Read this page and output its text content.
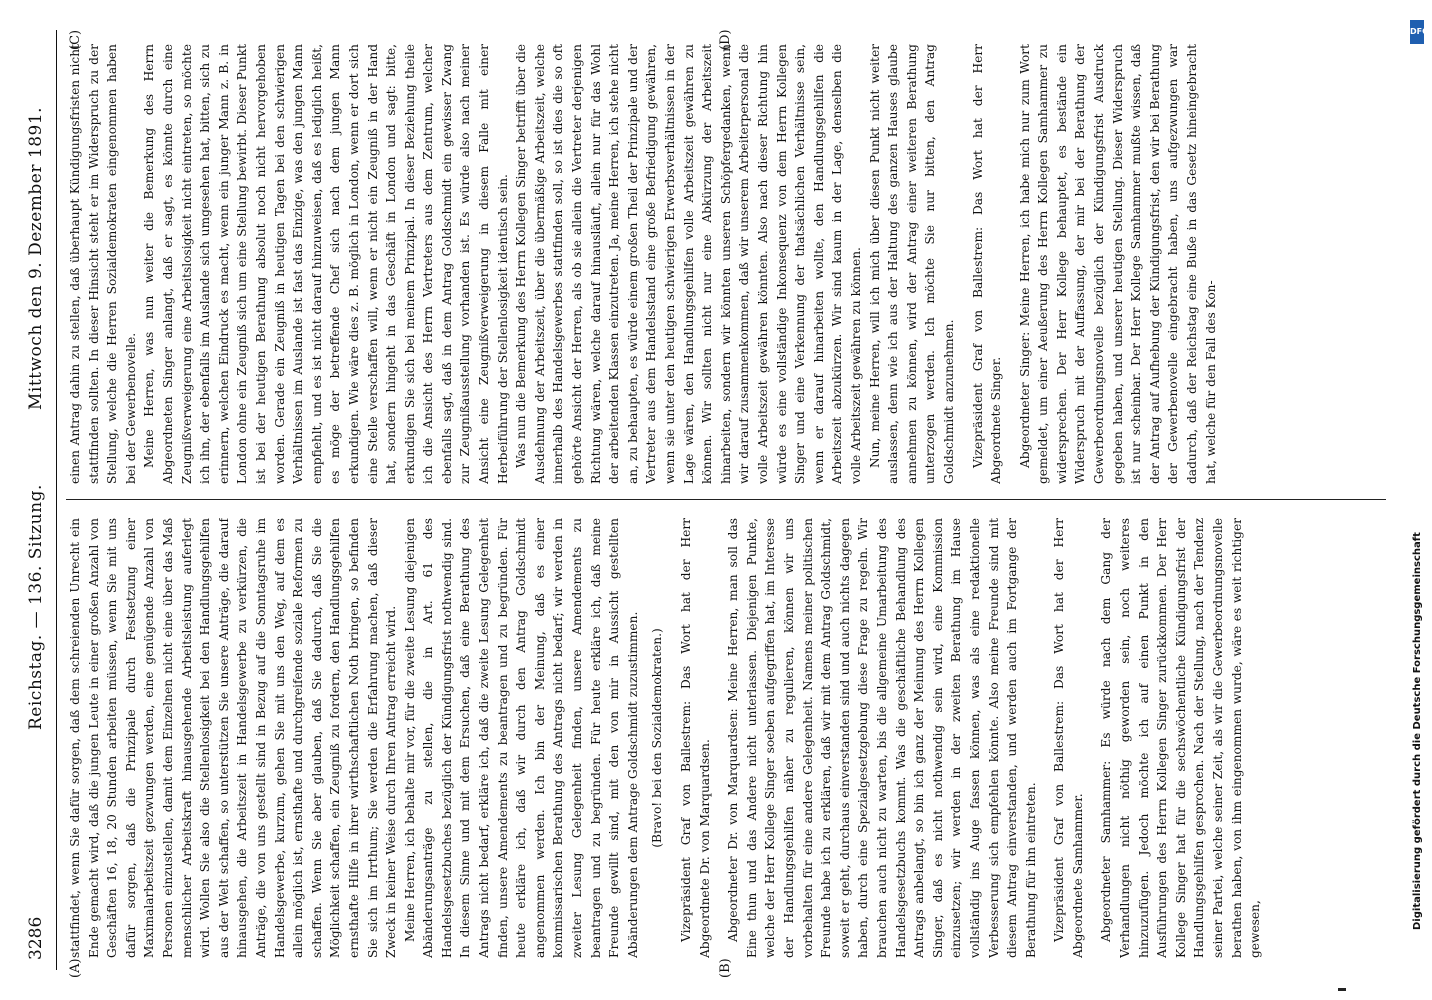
3286
Reichstag. — 136. Sitzung.
Mittwoch den 9. Dezember 1891.
(A)	(B)
(C)	(D)

stattfindet, wenn Sie dafür sorgen, daß dem schreienden Unrecht ein Ende gemacht wird, daß die jungen Leute in einer großen Anzahl von Geschäften 16, 18, 20 Stunden arbeiten müssen, wenn Sie mit uns dafür sorgen, daß die Prinzipale durch Festsetzung einer Maximalarbeitszeit gezwungen werden, eine genügende Anzahl von Personen einzustellen, damit dem Einzelnen nicht eine über das Maß menschlicher Arbeitskraft hinausgehende Arbeitsleistung auferlegt wird. Wollen Sie also die Stellenlosigkeit bei den Handlungsgehilfen aus der Welt schaffen, so unterstützen Sie unsere Anträge, die darauf hinausgehen, die Arbeitszeit in Handelsgewerbe zu verkürzen, die Anträge, die von uns gestellt sind in Bezug auf die Sonntagsruhe im Handelsgewerbe, kurzum, gehen Sie mit uns den Weg, auf dem es allein möglich ist, ernsthafte und durchgreifende soziale Reformen zu schaffen. Wenn Sie aber glauben, daß Sie dadurch, daß Sie die Möglichkeit schaffen, ein Zeugniß zu fordern, den Handlungsgehilfen ernsthafte Hilfe in ihrer wirthschaftlichen Noth bringen, so befinden Sie sich im Irrthum; Sie werden die Erfahrung machen, daß dieser Zweck in keiner Weise durch Ihren Antrag erreicht wird. Meine Herren, ich behalte mir vor, für die zweite Lesung diejenigen Abänderungsanträge zu stellen, die in Art. 61 des Handelsgesetzbuches bezüglich der Kündigungsfrist nothwendig sind. In diesem Sinne und mit dem Ersuchen, daß eine Berathung des Antrags nicht bedarf, erkläre ich, daß die zweite Lesung Gelegenheit finden, unsere Amendements zu beantragen und zu begründen. Für heute erkläre ich, daß wir durch den Antrag Goldschmidt angenommen werden. Ich bin der Meinung, daß es einer kommissarischen Berathung des Antrags nicht bedarf; wir werden in zweiter Lesung Gelegenheit finden, unsere Amendements zu beantragen und zu begründen. Für heute erkläre ich, daß meine Freunde gewillt sind, mit den von mir in Aussicht gestellten Abänderungen dem Antrage Goldschmidt zuzustimmen. (Bravo! bei den Sozialdemokraten.) Vizepräsident Graf von Ballestrem: Das Wort hat der Herr Abgeordnete Dr. von Marquardsen. Abgeordneter Dr. von Marquardsen: Meine Herren, man soll das Eine thun und das Andere nicht unterlassen. Diejenigen Punkte, welche der Herr Kollege Singer soeben aufgegriffen hat, im Interesse der Handlungsgehilfen näher zu regulieren, können wir uns vorbehalten für eine andere Gelegenheit. Namens meiner politischen Freunde habe ich zu erklären, daß wir mit dem Antrag Goldschmidt, soweit er geht, durchaus einverstanden sind und auch nichts dagegen haben, durch eine Spezialgesetzgebung diese Frage zu regeln. Wir brauchen auch nicht zu warten, bis die allgemeine Umarbeitung des Handelsgesetzbuchs kommt. Was die geschäftliche Behandlung des Antrags anbelangt, so bin ich ganz der Meinung des Herrn Kollegen Singer, daß es nicht nothwendig sein wird, eine Kommission einzusetzen; wir werden in der zweiten Berathung im Hause vollständig ins Auge fassen können, was als eine redaktionelle Verbesserung sich empfehlen könnte. Also meine Freunde sind mit diesem Antrag einverstanden, und werden auch im Fortgange der Berathung für ihn eintreten. Vizepräsident Graf von Ballestrem: Das Wort hat der Herr Abgeordnete Samhammer. Abgeordneter Samhammer: Es würde nach dem Gang der Verhandlungen nicht nöthig geworden sein, noch weiteres hinzuzufügen. Jedoch möchte ich auf einen Punkt in den Ausführungen des Herrn Kollegen Singer zurückkommen. Der Herr Kollege Singer hat für die sechswöchentliche Kündigungsfrist der Handlungsgehilfen gesprochen. Nach der Stellung, nach der Tendenz seiner Partei, welche seiner Zeit, als wir die Gewerbeordnungsnovelle berathen haben, von ihm eingenommen wurde, wäre es weit richtiger gewesen,

einen Antrag dahin zu stellen, daß überhaupt Kündigungsfristen nicht stattfinden sollten. In dieser Hinsicht steht er im Widerspruch zu der Stellung, welche die Herren Sozialdemokraten eingenommen haben bei der Gewerbenovelle. Meine Herren, was nun weiter die Bemerkung des Herrn Abgeordneten Singer anlangt, daß er sagt, es könnte durch eine Zeugnißverweigerung eine Arbeitslosigkeit nicht eintreten, so möchte ich ihn, der ebenfalls im Auslande sich umgesehen hat, bitten, sich zu erinnern, welchen Eindruck es macht, wenn ein junger Mann z. B. in London ohne ein Zeugniß sich um eine Stellung bewirbt. Dieser Punkt ist bei der heutigen Berathung absolut noch nicht hervorgehoben worden. Gerade ein Zeugniß in heutigen Tagen bei den schwierigen Verhältnissen im Auslande ist fast das Einzige, was den jungen Mann empfiehlt, und es ist nicht darauf hinzuweisen, daß es lediglich heißt, es möge der betreffende Chef sich nach dem jungen Mann erkundigen. Wie wäre dies z. B. möglich in London, wenn er dort sich eine Stelle verschaffen will, wenn er nicht ein Zeugniß in der Hand hat, sondern hingeht in das Geschäft in London und sagt: bitte, erkundigen Sie sich bei meinem Prinzipal. In dieser Beziehung theile ich die Ansicht des Herrn Vertreters aus dem Zentrum, welcher ebenfalls sagt, daß in dem Antrag Goldschmidt ein gewisser Zwang zur Zeugnißausstellung vorhanden ist. Es würde also nach meiner Ansicht eine Zeugnißverweigerung in diesem Falle mit einer Herbeiführung der Stellenlosigkeit identisch sein. Was nun die Bemerkung des Herrn Kollegen Singer betrifft über die Ausdehnung der Arbeitszeit, über die übermäßige Arbeitszeit, welche innerhalb des Handelsgewerbes stattfinden soll, so ist dies die so oft gehörte Ansicht der Herren, als ob sie allein die Vertreter derjenigen Richtung wären, welche darauf hinausläuft, allein nur für das Wohl der arbeitenden Klassen einzutreten. Ja, meine Herren, ich stehe nicht an, zu behaupten, es würde einem großen Theil der Prinzipale und der Vertreter aus dem Handelsstand eine große Befriedigung gewähren, wenn sie unter den heutigen schwierigen Erwerbsverhältnissen in der Lage wären, den Handlungsgehilfen volle Arbeitszeit gewähren zu können. Wir sollten nicht nur eine Abkürzung der Arbeitszeit hinarbeiten, sondern wir könnten unseren Schöpfergedanken, wenn wir darauf zusammenkommen, daß wir unserem Arbeiterpersonal die volle Arbeitszeit gewähren könnten. Also nach dieser Richtung hin würde es eine vollständige Inkonsequenz von dem Herrn Kollegen Singer und eine Verkennung der thatsächlichen Verhältnisse sein, wenn er darauf hinarbeiten wollte, den Handlungsgehilfen die Arbeitszeit abzukürzen. Wir sind kaum in der Lage, denselben die volle Arbeitszeit gewähren zu können. Nun, meine Herren, will ich mich über diesen Punkt nicht weiter auslassen, denn wie ich aus der Haltung des ganzen Hauses glaube annehmen zu können, wird der Antrag einer weiteren Berathung unterzogen werden. Ich möchte Sie nur bitten, den Antrag Goldschmidt anzunehmen. Vizepräsident Graf von Ballestrem: Das Wort hat der Herr Abgeordnete Singer. Abgeordneter Singer: Meine Herren, ich habe mich nur zum Wort gemeldet, um einer Aeußerung des Herrn Kollegen Samhammer zu widersprechen. Der Herr Kollege behauptet, es bestände ein Widerspruch mit der Auffassung, der mir bei der Berathung der Gewerbeordnungsnovelle bezüglich der Kündigungsfrist Ausdruck gegeben haben, und unserer heutigen Stellung. Dieser Widerspruch ist nur scheinbar. Der Herr Kollege Samhammer mußte wissen, daß der Antrag auf Aufhebung der Kündigungsfrist, den wir bei Berathung der Gewerbenovelle eingebracht haben, uns aufgezwungen war dadurch, daß der Reichstag eine Buße in das Gesetz hineingebracht hat, welche für den Fall des Kon-

DFG
Digitalisierung gefördert durch die Deutsche Forschungsgemeinschaft
